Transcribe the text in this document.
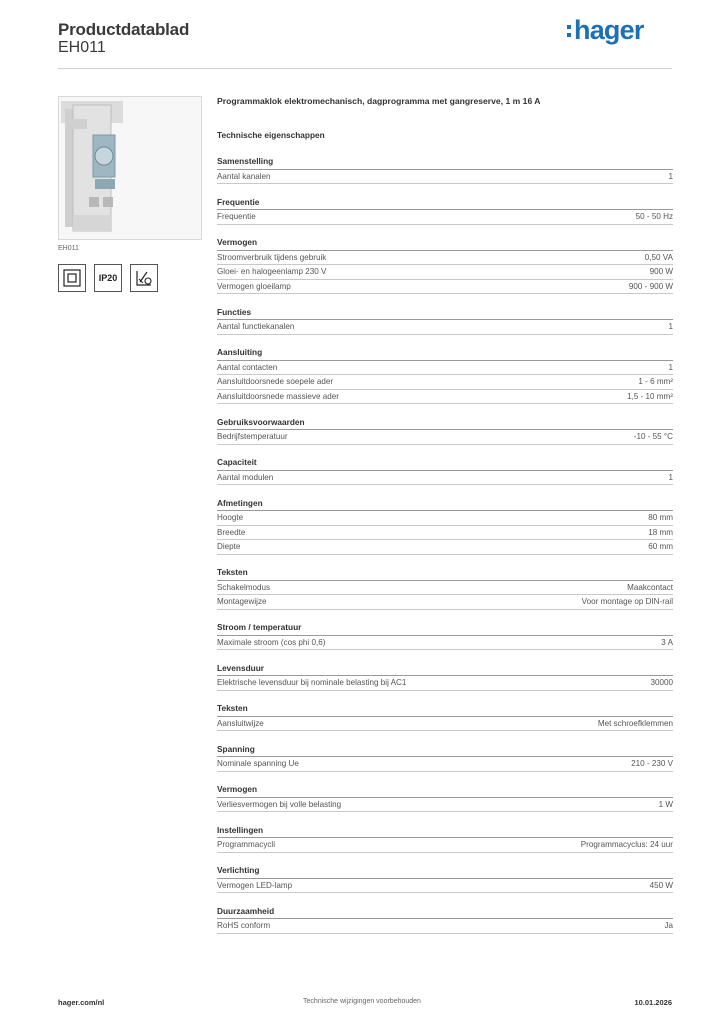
Productdatablad
EH011
hager
EH011
IP20
Programmaklok elektromechanisch, dagprogramma met gangreserve, 1 m 16 A
Technische eigenschappen
Samenstelling
Aantal kanalen	1
Frequentie
Frequentie	50 - 50 Hz
Vermogen
Stroomverbruik tijdens gebruik	0,50 VA
Gloei- en halogeenlamp 230 V	900 W
Vermogen gloeilamp	900 - 900 W
Functies
Aantal functiekanalen	1
Aansluiting
Aantal contacten	1
Aansluitdoorsnede soepele ader	1 - 6 mm²
Aansluitdoorsnede massieve ader	1,5 - 10 mm²
Gebruiksvoorwaarden
Bedrijfstemperatuur	-10 - 55 °C
Capaciteit
Aantal modulen	1
Afmetingen
Hoogte	80 mm
Breedte	18 mm
Diepte	60 mm
Teksten
Schakelmodus	Maakcontact
Montagewijze	Voor montage op DIN-rail
Stroom / temperatuur
Maximale stroom (cos phi 0,6)	3 A
Levensduur
Elektrische levensduur bij nominale belasting bij AC1	30000
Teksten
Aansluitwijze	Met schroefklemmen
Spanning
Nominale spanning Ue	210 - 230 V
Vermogen
Verliesvermogen bij volle belasting	1 W
Instellingen
Programmacycli	Programmacyclus: 24 uur
Verlichting
Vermogen LED-lamp	450 W
Duurzaamheid
RoHS conform	Ja
hager.com/nl	Technische wijzigingen voorbehouden	10.01.2026
